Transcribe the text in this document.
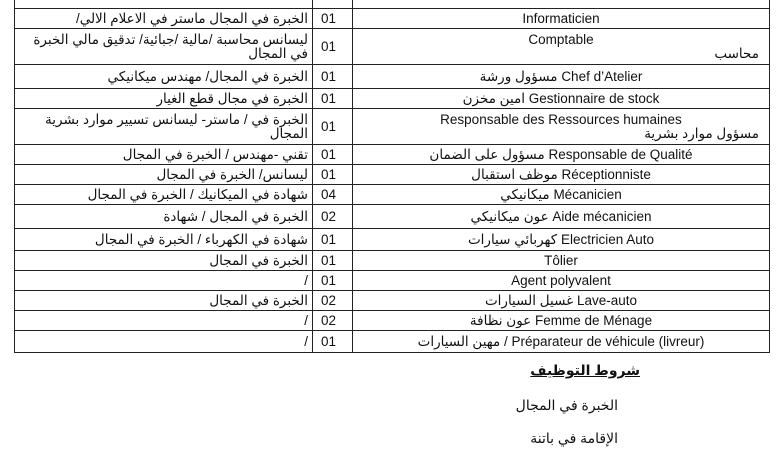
الخبرة في المجال ماستر في الاعلام الالي/	01	Informaticien

ليسانس محاسبة /مالية /جبائية/ تدقيق مالي الخبرة في المجال	01	Comptable
محاسب

الخبرة في المجال/ مهندس ميكانيكي	01	مسؤول ورشة Chef d’Atelier
الخبرة في مجال قطع الغيار	01	امين مخزن Gestionnaire de stock
الخبرة في / ماستر- ليسانس تسيير موارد بشرية المجال	01	Responsable des Ressources humaines
مسؤول موارد بشرية

تقني -مهندس / الخبرة في المجال	01	مسؤول على الضمان Responsable de Qualité
ليسانس/ الخبرة في المجال	01	موظف استقبال Réceptionniste
شهادة في الميكانيك / الخبرة في المجال	04	ميكانيكي Mécanicien
الخبرة في المجال / شهادة	02	عون ميكانيكي Aide mécanicien
شهادة في الكهرباء / الخبرة في المجال	01	كهربائي سيارات Electricien Auto
الخبرة في المجال	01	Tôlier

/	01	Agent polyvalent

الخبرة في المجال	02	غسيل السيارات Lave-auto
/	02	عون نظافة Femme de Ménage
/	01	مهين السيارات / Préparateur de véhicule (livreur)
شروط التوظيف
الخبرة في المجال
الإقامة في باتنة
